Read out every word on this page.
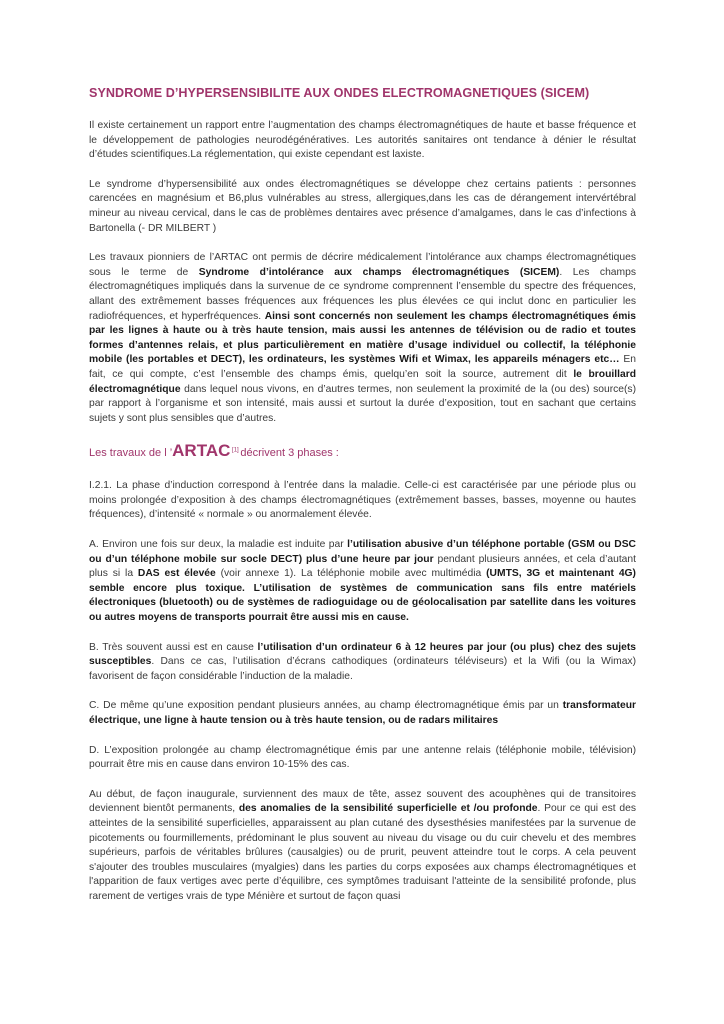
SYNDROME D’HYPERSENSIBILITE AUX ONDES ELECTROMAGNETIQUES (SICEM)

Il existe certainement un rapport entre l’augmentation des champs électromagnétiques de haute et basse fréquence et le développement de pathologies neurodégénératives. Les autorités sanitaires ont tendance à dénier le résultat d’études scientifiques.La réglementation, qui existe cependant est laxiste.

Le syndrome d’hypersensibilité aux ondes électromagnétiques se développe chez certains patients : personnes carencées en magnésium et B6,plus vulnérables au stress, allergiques,dans les cas de dérangement intervértébral mineur au niveau cervical, dans le cas de problèmes dentaires avec présence d’amalgames, dans le cas d’infections à Bartonella (- DR MILBERT )

Les travaux pionniers de l’ARTAC ont permis de décrire médicalement l’intolérance aux champs électromagnétiques sous le terme de Syndrome d’intolérance aux champs électromagnétiques (SICEM). Les champs électromagnétiques impliqués dans la survenue de ce syndrome comprennent l’ensemble du spectre des fréquences, allant des extrêmement basses fréquences aux fréquences les plus élevées ce qui inclut donc en particulier les radiofréquences, et hyperfréquences. Ainsi sont concernés non seulement les champs électromagnétiques émis par les lignes à haute ou à très haute tension, mais aussi les antennes de télévision ou de radio et toutes formes d’antennes relais, et plus particulièrement en matière d’usage individuel ou collectif, la téléphonie mobile (les portables et DECT), les ordinateurs, les systèmes Wifi et Wimax, les appareils ménagers etc… En fait, ce qui compte, c’est l’ensemble des champs émis, quelqu’en soit la source, autrement dit le brouillard électromagnétique dans lequel nous vivons, en d’autres termes, non seulement la proximité de la (ou des) source(s) par rapport à l’organisme et son intensité, mais aussi et surtout la durée d’exposition, tout en sachant que certains sujets y sont plus sensibles que d’autres.

Les travaux de l ’ARTAC [1] décrivent 3 phases :

I.2.1. La phase d’induction correspond à l’entrée dans la maladie. Celle-ci est caractérisée par une période plus ou moins prolongée d’exposition à des champs électromagnétiques (extrêmement basses, basses, moyenne ou hautes fréquences), d’intensité « normale » ou anormalement élevée.

A. Environ une fois sur deux, la maladie est induite par l’utilisation abusive d’un téléphone portable (GSM ou DSC ou d’un téléphone mobile sur socle DECT) plus d’une heure par jour pendant plusieurs années, et cela d’autant plus si la DAS est élevée (voir annexe 1). La téléphonie mobile avec multimédia (UMTS, 3G et maintenant 4G) semble encore plus toxique. L’utilisation de systèmes de communication sans fils entre matériels électroniques (bluetooth) ou de systèmes de radioguidage ou de géolocalisation par satellite dans les voitures ou autres moyens de transports pourrait être aussi mis en cause.

B. Très souvent aussi est en cause l’utilisation d’un ordinateur 6 à 12 heures par jour (ou plus) chez des sujets susceptibles. Dans ce cas, l’utilisation d’écrans cathodiques (ordinateurs téléviseurs) et la Wifi (ou la Wimax) favorisent de façon considérable l’induction de la maladie.

C. De même qu’une exposition pendant plusieurs années, au champ électromagnétique émis par un transformateur électrique, une ligne à haute tension ou à très haute tension, ou de radars militaires

D. L’exposition prolongée au champ électromagnétique émis par une antenne relais (téléphonie mobile, télévision) pourrait être mis en cause dans environ 10-15% des cas.

Au début, de façon inaugurale, surviennent des maux de tête, assez souvent des acouphènes qui de transitoires deviennent bientôt permanents, des anomalies de la sensibilité superficielle et /ou profonde. Pour ce qui est des atteintes de la sensibilité superficielles, apparaissent au plan cutané des dysesthésies manifestées par la survenue de picotements ou fourmillements, prédominant le plus souvent au niveau du visage ou du cuir chevelu et des membres supérieurs, parfois de véritables brûlures (causalgies) ou de prurit, peuvent atteindre tout le corps. A cela peuvent s'ajouter des troubles musculaires (myalgies) dans les parties du corps exposées aux champs électromagnétiques et l'apparition de faux vertiges avec perte d’équilibre, ces symptômes traduisant l'atteinte de la sensibilité profonde, plus rarement de vertiges vrais de type Ménière et surtout de façon quasi
